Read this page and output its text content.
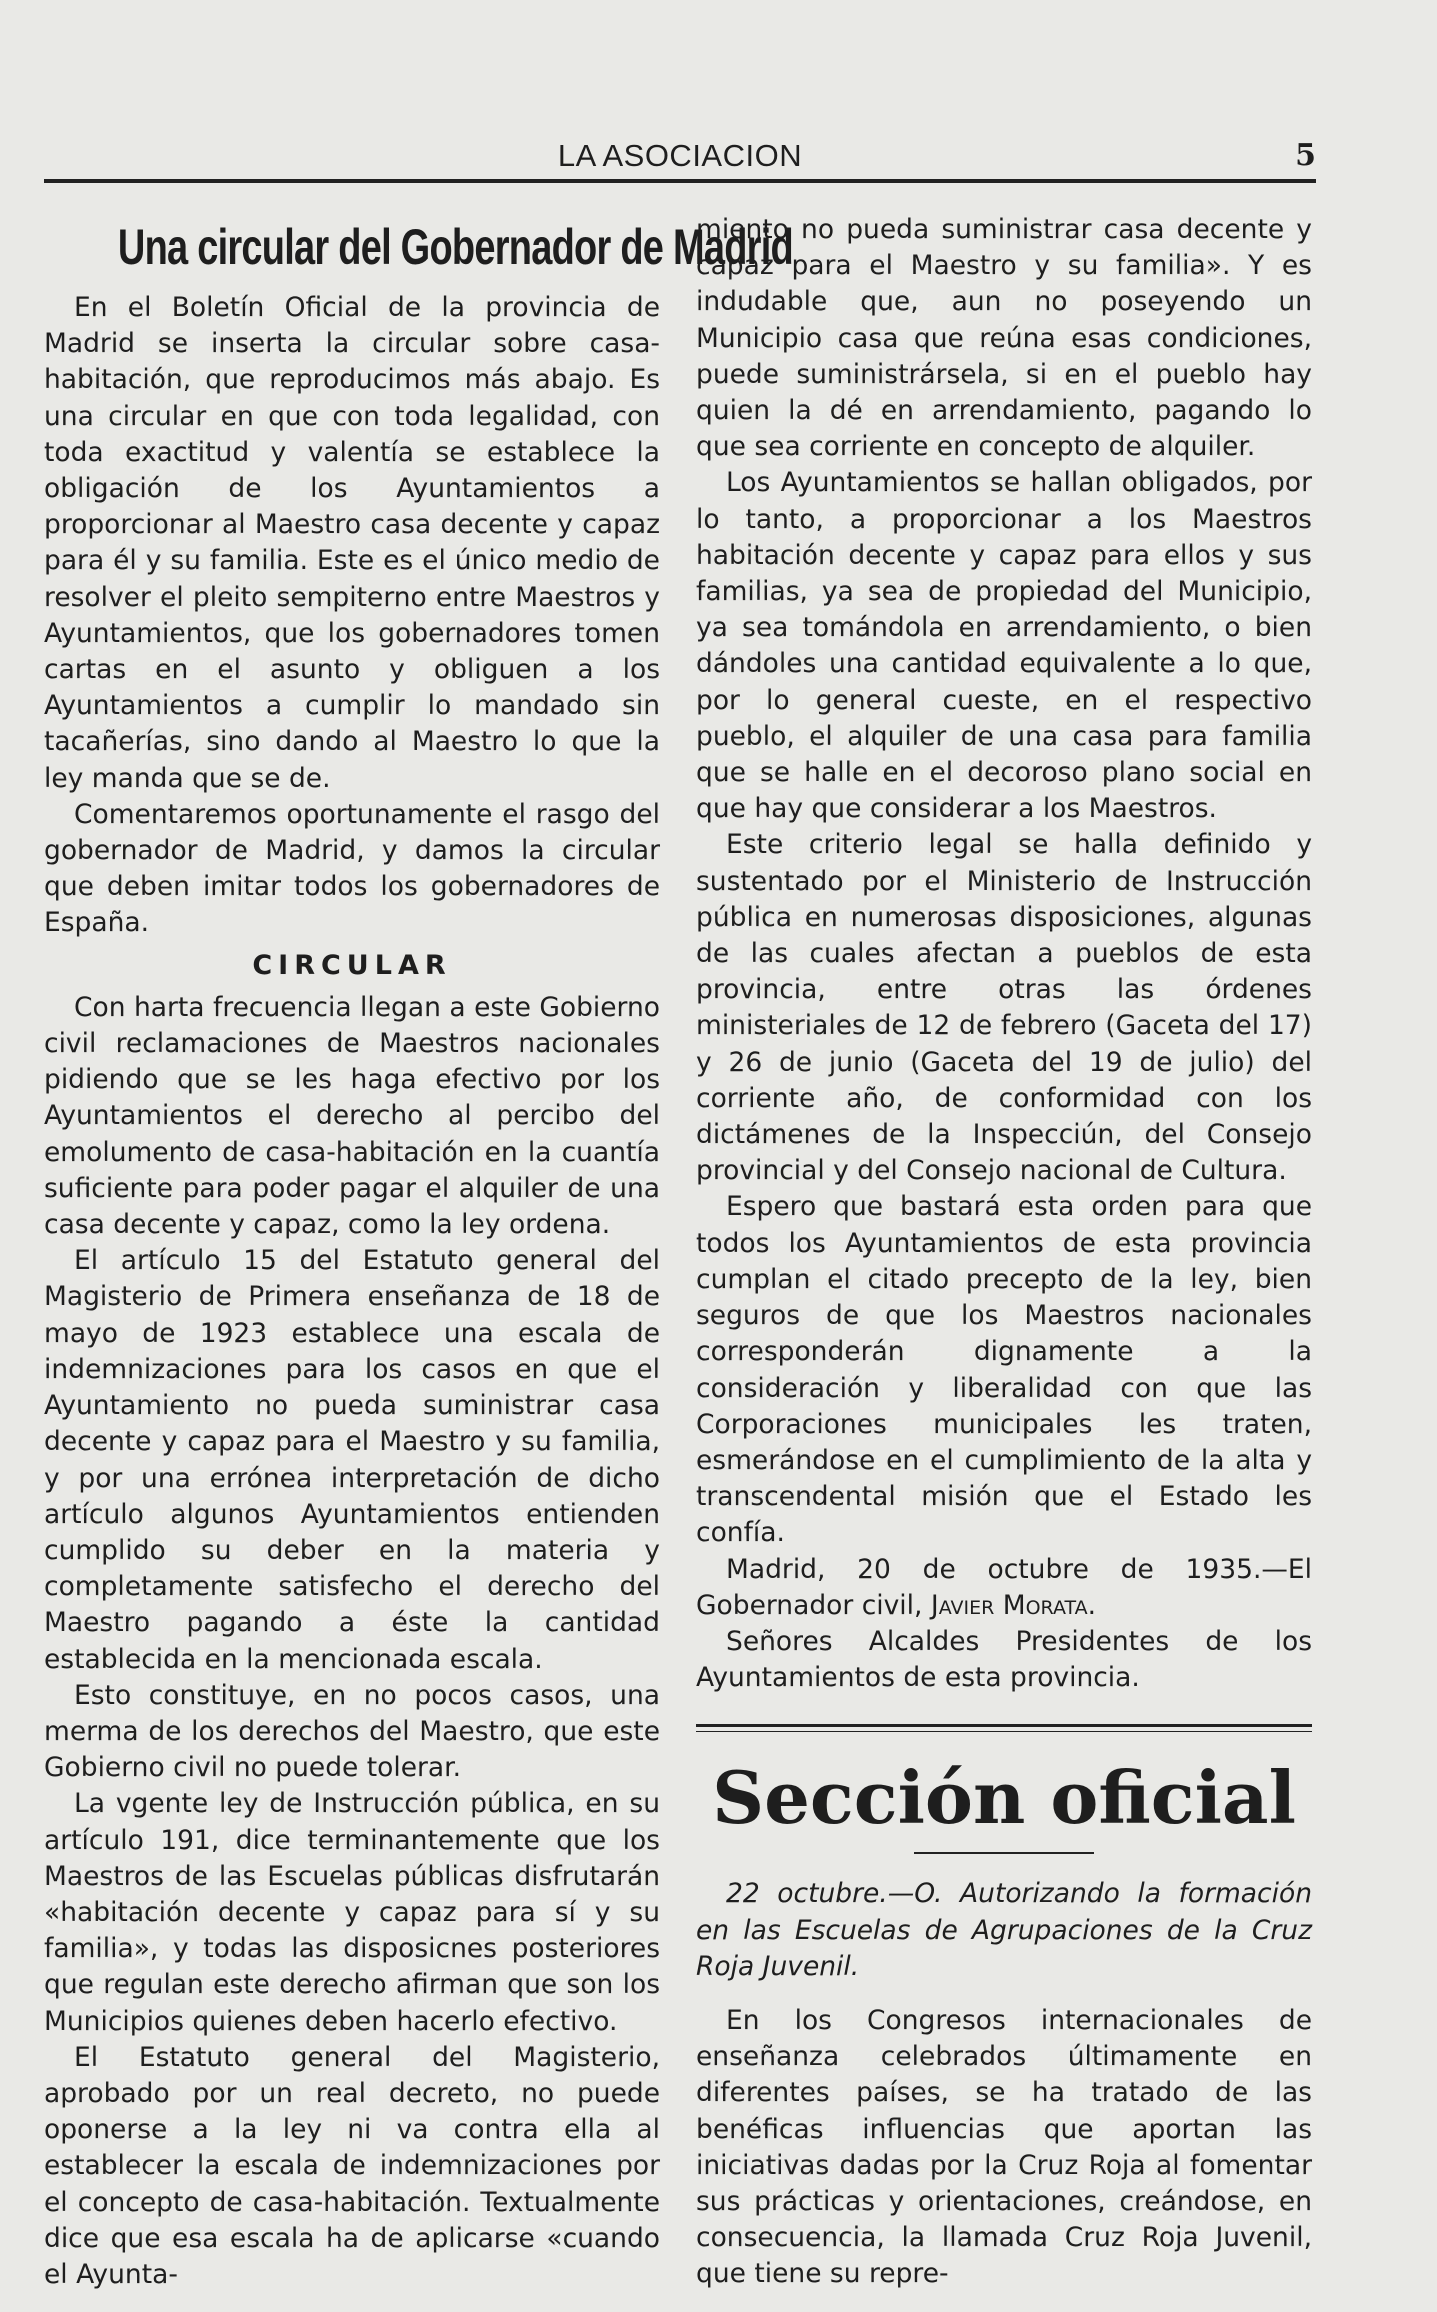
LA ASOCIACION	5
Una circular del Gobernador de Madrid

En el Boletín Oficial de la provincia de Madrid se inserta la circular sobre casa-habitación, que reproducimos más abajo. Es una circular en que con toda legalidad, con toda exactitud y valentía se establece la obligación de los Ayuntamientos a proporcionar al Maestro casa decente y capaz para él y su familia. Este es el único medio de resolver el pleito sempiterno entre Maestros y Ayuntamientos, que los gobernadores tomen cartas en el asunto y obliguen a los Ayuntamientos a cumplir lo mandado sin tacañerías, sino dando al Maestro lo que la ley manda que se de.

Comentaremos oportunamente el rasgo del gobernador de Madrid, y damos la circular que deben imitar todos los gobernadores de España.

CIRCULAR

Con harta frecuencia llegan a este Gobierno civil reclamaciones de Maestros nacionales pidiendo que se les haga efectivo por los Ayuntamientos el derecho al percibo del emolumento de casa-habitación en la cuantía suficiente para poder pagar el alquiler de una casa decente y capaz, como la ley ordena.

El artículo 15 del Estatuto general del Magisterio de Primera enseñanza de 18 de mayo de 1923 establece una escala de indemnizaciones para los casos en que el Ayuntamiento no pueda suministrar casa decente y capaz para el Maestro y su familia, y por una errónea interpretación de dicho artículo algunos Ayuntamientos entienden cumplido su deber en la materia y completamente satisfecho el derecho del Maestro pagando a éste la cantidad establecida en la mencionada escala.

Esto constituye, en no pocos casos, una merma de los derechos del Maestro, que este Gobierno civil no puede tolerar.

La vgente ley de Instrucción pública, en su artículo 191, dice terminantemente que los Maestros de las Escuelas públicas disfrutarán «habitación decente y capaz para sí y su familia», y todas las disposicnes posteriores que regulan este derecho afirman que son los Municipios quienes deben hacerlo efectivo.

El Estatuto general del Magisterio, aprobado por un real decreto, no puede oponerse a la ley ni va contra ella al establecer la escala de indemnizaciones por el concepto de casa-habitación. Textualmente dice que esa escala ha de aplicarse «cuando el Ayunta-

miento no pueda suministrar casa decente y capaz para el Maestro y su familia». Y es indudable que, aun no poseyendo un Municipio casa que reúna esas condiciones, puede suministrársela, si en el pueblo hay quien la dé en arrendamiento, pagando lo que sea corriente en concepto de alquiler.

Los Ayuntamientos se hallan obligados, por lo tanto, a proporcionar a los Maestros habitación decente y capaz para ellos y sus familias, ya sea de propiedad del Municipio, ya sea tomándola en arrendamiento, o bien dándoles una cantidad equivalente a lo que, por lo general cueste, en el respectivo pueblo, el alquiler de una casa para familia que se halle en el decoroso plano social en que hay que considerar a los Maestros.

Este criterio legal se halla definido y sustentado por el Ministerio de Instrucción pública en numerosas disposiciones, algunas de las cuales afectan a pueblos de esta provincia, entre otras las órdenes ministeriales de 12 de febrero (Gaceta del 17) y 26 de junio (Gaceta del 19 de julio) del corriente año, de conformidad con los dictámenes de la Inspecciún, del Consejo provincial y del Consejo nacional de Cultura.

Espero que bastará esta orden para que todos los Ayuntamientos de esta provincia cumplan el citado precepto de la ley, bien seguros de que los Maestros nacionales corresponderán dignamente a la consideración y liberalidad con que las Corporaciones municipales les traten, esmerándose en el cumplimiento de la alta y transcendental misión que el Estado les confía.

Madrid, 20 de octubre de 1935.—El Gobernador civil, Javier Morata.

Señores Alcaldes Presidentes de los Ayuntamientos de esta provincia.

Sección oficial

22 octubre.—O. Autorizando la formación en las Escuelas de Agrupaciones de la Cruz Roja Juvenil.

En los Congresos internacionales de enseñanza celebrados últimamente en diferentes países, se ha tratado de las benéficas influencias que aportan las iniciativas dadas por la Cruz Roja al fomentar sus prácticas y orientaciones, creándose, en consecuencia, la llamada Cruz Roja Juvenil, que tiene su repre-
